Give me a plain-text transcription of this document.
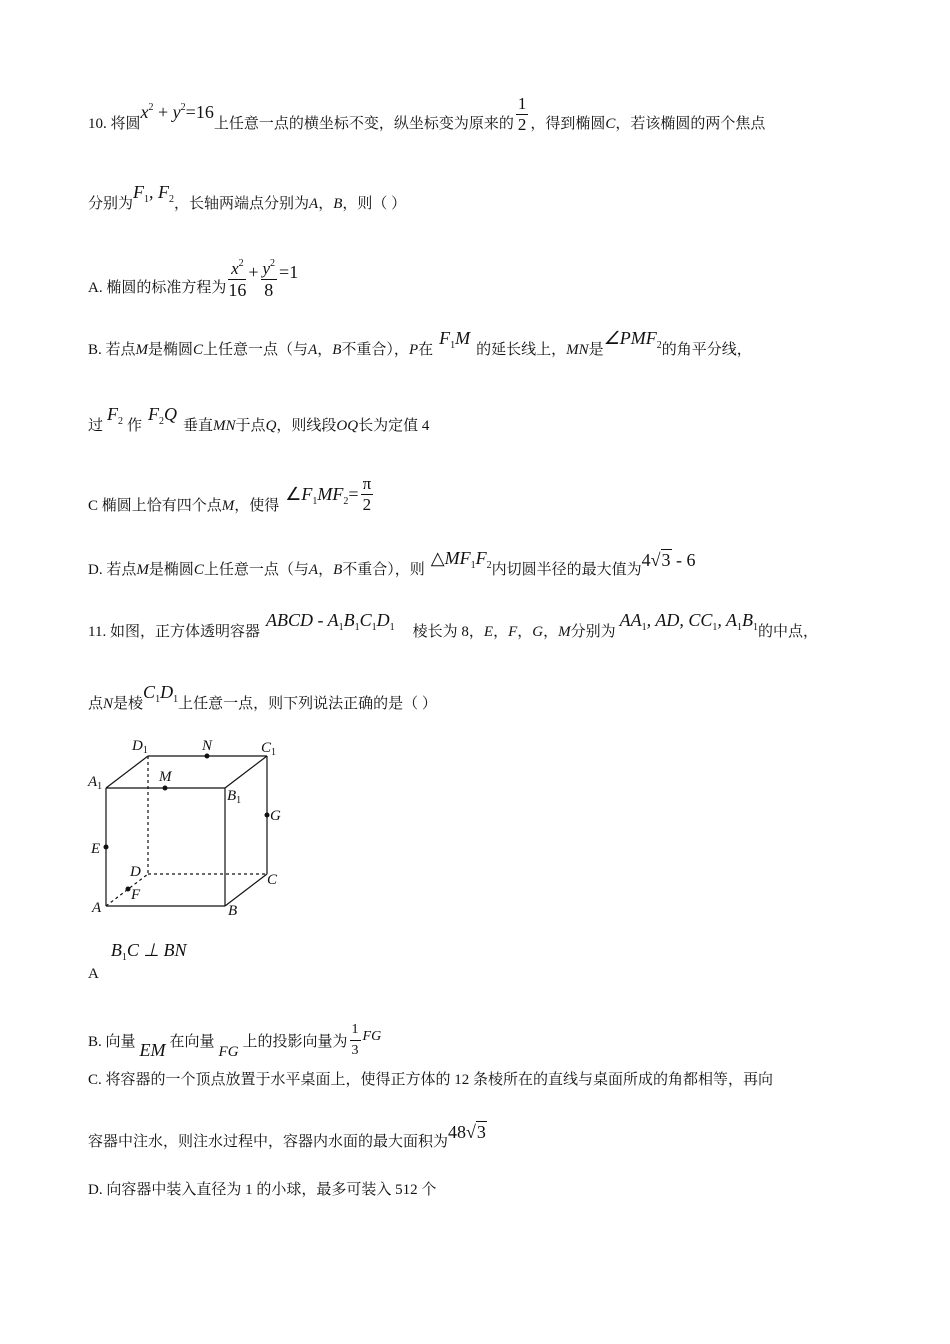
10. 将圆$x^2 + y^2=16$上任意一点的横坐标不变，纵坐标变为原来的 $\frac{1}{2}$ ，得到椭圆C，若该椭圆的两个焦点
分别为$F_1$, $F_2$，长轴两端点分别为A，B，则（ ）
A. 椭圆的标准方程为 $\frac{x^2}{16} + \frac{y^2}{8} =1$
B. 若点M是椭圆C上任意一点（与A，B不重合），P在$F_1M$的延长线上，MN是$\angle PMF_2$的角平分线，
过$F_2$ 作$F_2Q$垂直MN于点Q，则线段OQ长为定值 4
C 椭圆上恰有四个点M，使得$\angle F_1MF_2= \frac{\pi}{2}$
D. 若点M是椭圆C上任意一点（与A，B不重合），则$\triangle MF_1F_2$内切圆半径的最大值为4√3 - 6
11. 如图，正方体透明容器ABCD - $A_1B_1C_1D_1$ 棱长为 8，E，F，G，M分别为$AA_1$, AD, $CC_1$, $A_1B_1$的中点，
点N是棱$C_1D_1$上任意一点，则下列说法正确的是（ ）
$D_1$	N	$C_1$
$A_1$
M
$B_1$
G
E
D	C
F
A	B
$AB_1C$ ⊥ BN
B. 向量 EM 在向量FG上的投影向量为 $\frac{1}{3}$ FG
C. 将容器的一个顶点放置于水平桌面上，使得正方体的 12 条棱所在的直线与桌面所成的角都相等，再向
容器中注水，则注水过程中，容器内水面的最大面积为48√3
D. 向容器中装入直径为 1 的小球，最多可装入 512 个
